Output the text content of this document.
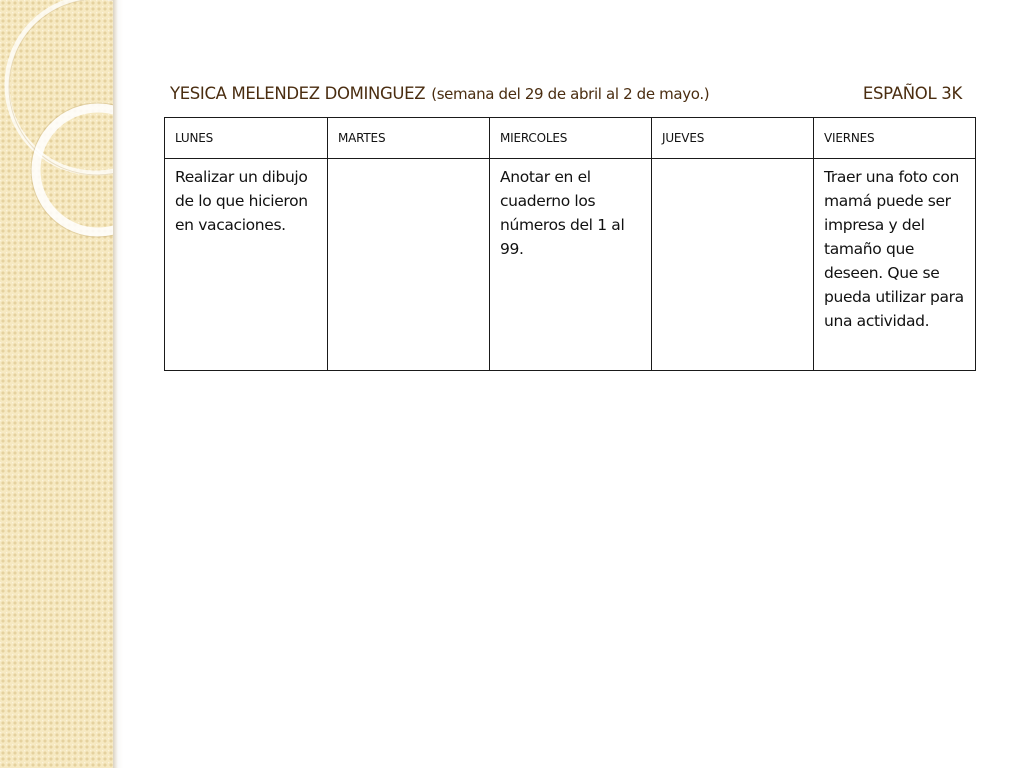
YESICA MELENDEZ DOMINGUEZ (semana del 29 de abril al 2 de mayo.)	ESPAÑOL 3K
LUNES	MARTES	MIERCOLES	JUEVES	VIERNES
Realizar un dibujo de lo que hicieron en vacaciones.		Anotar en el cuaderno los números del 1 al 99.		Traer una foto con mamá puede ser impresa y del tamaño que deseen. Que se pueda utilizar para una actividad.
